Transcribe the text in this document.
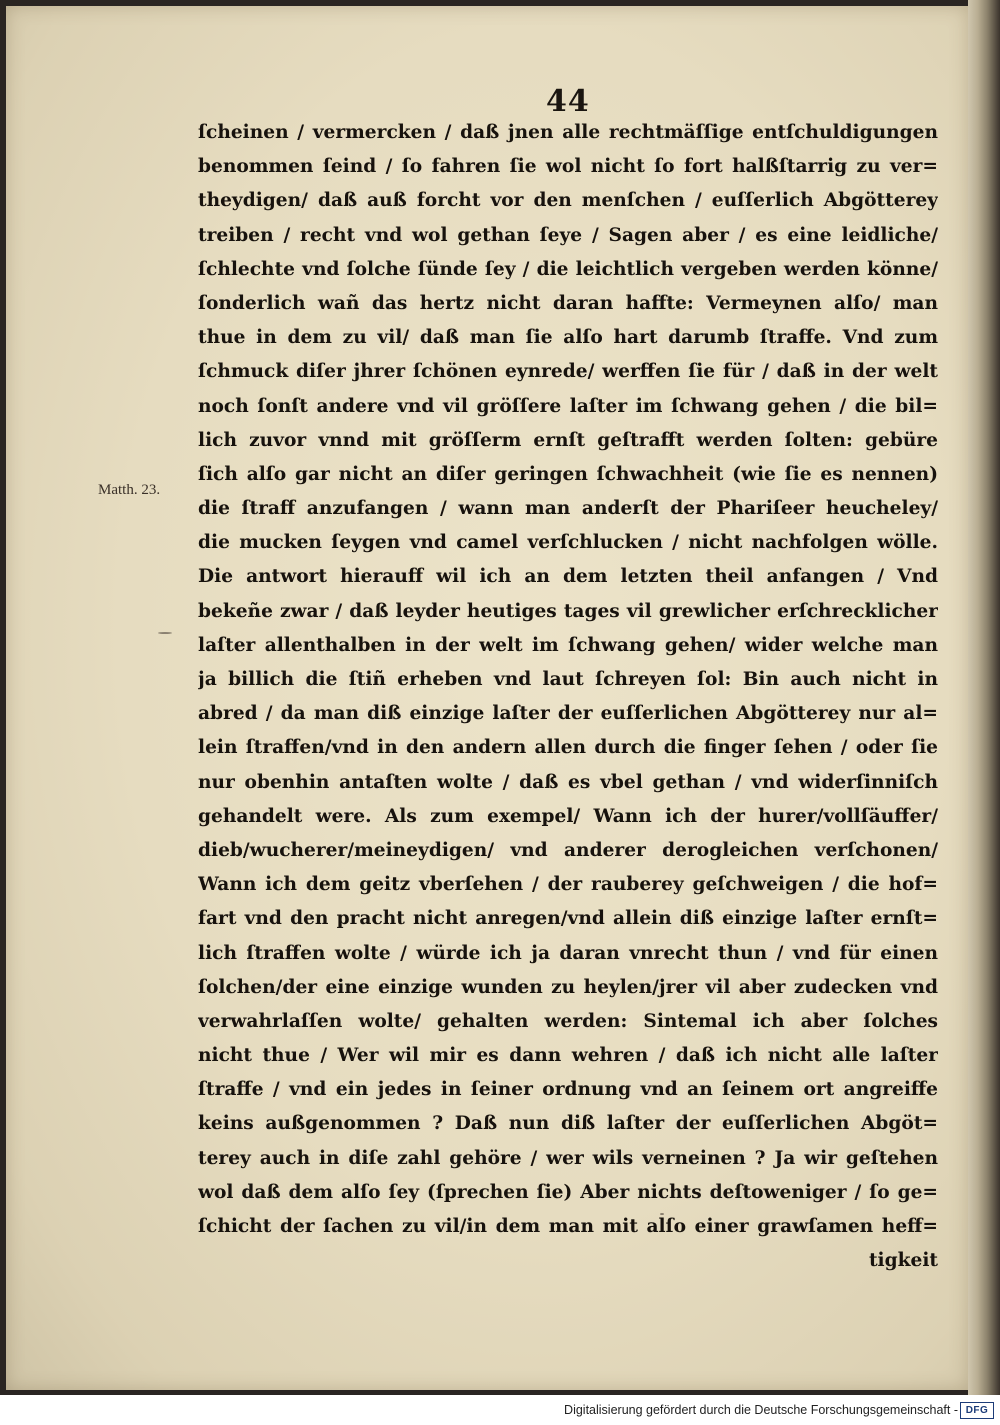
44
Matth. 23.
ſcheinen / vermercken / daß jnen alle rechtmäſſige entſchuldigungen
benommen ſeind / ſo fahren ſie wol nicht ſo fort halßſtarrig zu ver=
theydigen/ daß auß forcht vor den menſchen / euſſerlich Abgötterey
treiben / recht vnd wol gethan ſeye / Sagen aber / es eine leidliche/
ſchlechte vnd ſolche ſünde ſey / die leichtlich vergeben werden könne/
ſonderlich wañ das hertz nicht daran haffte: Vermeynen alſo/ man
thue in dem zu vil/ daß man ſie alſo hart darumb ſtraffe. Vnd zum
ſchmuck diſer jhrer ſchönen eynrede/ werffen ſie für / daß in der welt
noch ſonſt andere vnd vil gröſſere laſter im ſchwang gehen / die bil=
lich zuvor vnnd mit gröſſerm ernſt geſtrafft werden ſolten: gebüre
ſich alſo gar nicht an diſer geringen ſchwachheit (wie ſie es nennen)
die ſtraff anzufangen / wann man anderſt der Phariſeer heucheley/
die mucken ſeygen vnd camel verſchlucken / nicht nachfolgen wölle.
Die antwort hierauff wil ich an dem letzten theil anfangen / Vnd
bekeñe zwar / daß leyder heutiges tages vil grewlicher erſchrecklicher
laſter allenthalben in der welt im ſchwang gehen/ wider welche man
ja billich die ſtiñ erheben vnd laut ſchreyen ſol: Bin auch nicht in
abred / da man diß einzige laſter der euſſerlichen Abgötterey nur al=
lein ſtraffen/vnd in den andern allen durch die finger ſehen / oder ſie
nur obenhin antaſten wolte / daß es vbel gethan / vnd widerſinniſch
gehandelt were. Als zum exempel/ Wann ich der hurer/vollſäuffer/
dieb/wucherer/meineydigen/ vnd anderer derogleichen verſchonen/
Wann ich dem geitz vberſehen / der rauberey geſchweigen / die hof=
fart vnd den pracht nicht anregen/vnd allein diß einzige laſter ernſt=
lich ſtraffen wolte / würde ich ja daran vnrecht thun / vnd für einen
ſolchen/der eine einzige wunden zu heylen/jrer vil aber zudecken vnd
verwahrlaſſen wolte/ gehalten werden: Sintemal ich aber ſolches
nicht thue / Wer wil mir es dann wehren / daß ich nicht alle laſter
ſtraffe / vnd ein jedes in ſeiner ordnung vnd an ſeinem ort angreiffe
keins außgenommen ? Daß nun diß laſter der euſſerlichen Abgöt=
terey auch in diſe zahl gehöre / wer wils verneinen ? Ja wir geſtehen
wol daß dem alſo ſey (ſprechen ſie) Aber nichts deſtoweniger / ſo ge=
ſchicht der ſachen zu vil/in dem man mit alſo einer grawſamen heff=
tigkeit
Digitalisierung gefördert durch die Deutsche Forschungsgemeinschaft - DFG
